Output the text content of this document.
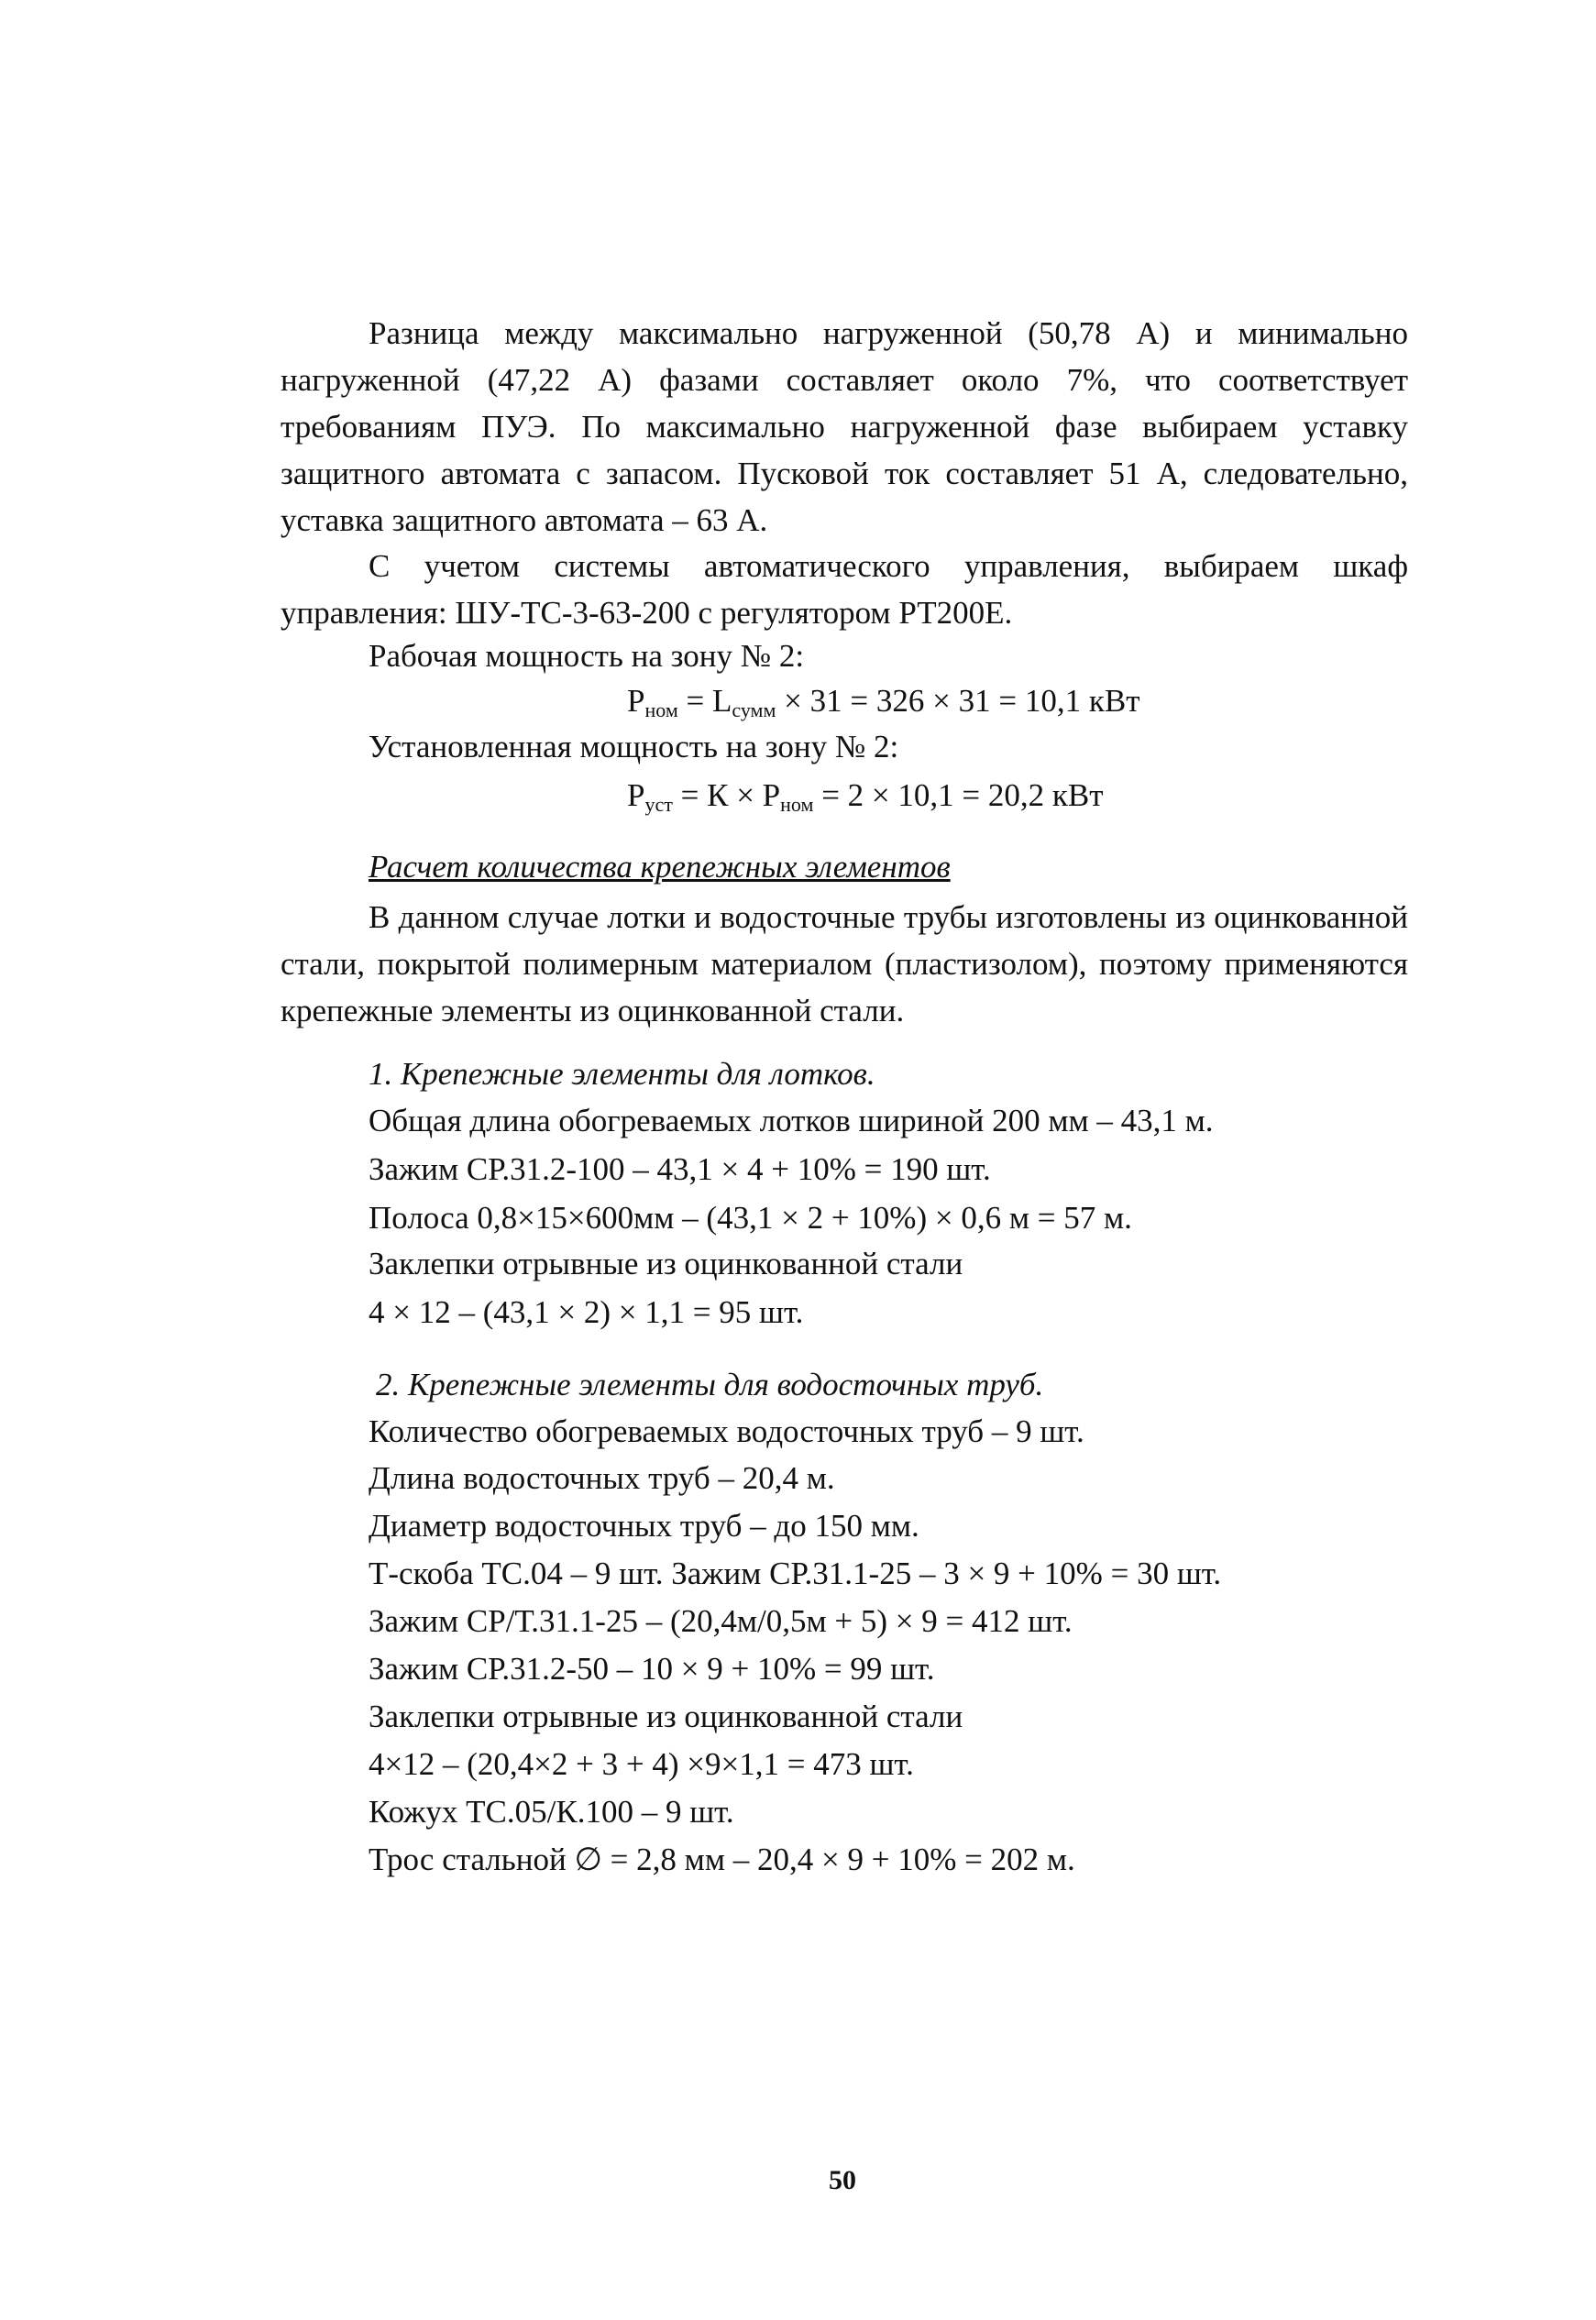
Разница между максимально нагруженной (50,78 А) и минимально нагруженной (47,22 А) фазами составляет около 7%, что соответствует требованиям ПУЭ. По максимально нагруженной фазе выбираем уставку защитного автомата с запасом. Пусковой ток составляет 51 А, следовательно, уставка защитного автомата – 63 А.

С учетом системы автоматического управления, выбираем шкаф управления: ШУ-ТС-3-63-200 с регулятором РТ200Е.

Рабочая мощность на зону № 2:
$P_{ном} = L_{сумм} \times 31 = 326 \times 31 = 10,1$ кВт
Установленная мощность на зону № 2:
$P_{уст} = К \times P_{ном} = 2 \times 10,1 = 20,2$ кВт
Расчет количества крепежных элементов

В данном случае лотки и водосточные трубы изготовлены из оцинкованной стали, покрытой полимерным материалом (пластизолом), поэтому применяются крепежные элементы из оцинкованной стали.

1. Крепежные элементы для лотков.
Общая длина обогреваемых лотков шириной 200 мм – 43,1 м.
Зажим СР.31.2-100 – 43,1 × 4 + 10% = 190 шт.
Полоса 0,8×15×600мм – (43,1 × 2 + 10%) × 0,6 м = 57 м.
Заклепки отрывные из оцинкованной стали
4 × 12 – (43,1 × 2) × 1,1 = 95 шт.
2. Крепежные элементы для водосточных труб.
Количество обогреваемых водосточных труб – 9 шт.
Длина водосточных труб – 20,4 м.
Диаметр водосточных труб – до 150 мм.
Т-скоба ТС.04 – 9 шт. Зажим СР.31.1-25 – 3 × 9 + 10% = 30 шт.
Зажим СР/Т.31.1-25 – (20,4м/0,5м + 5) × 9 = 412 шт.
Зажим СР.31.2-50 – 10 × 9 + 10% = 99 шт.
Заклепки отрывные из оцинкованной стали
4×12 – (20,4×2 + 3 + 4) ×9×1,1 = 473 шт.
Кожух ТС.05/К.100 – 9 шт.
Трос стальной ∅ = 2,8 мм – 20,4 × 9 + 10% = 202 м.
50
